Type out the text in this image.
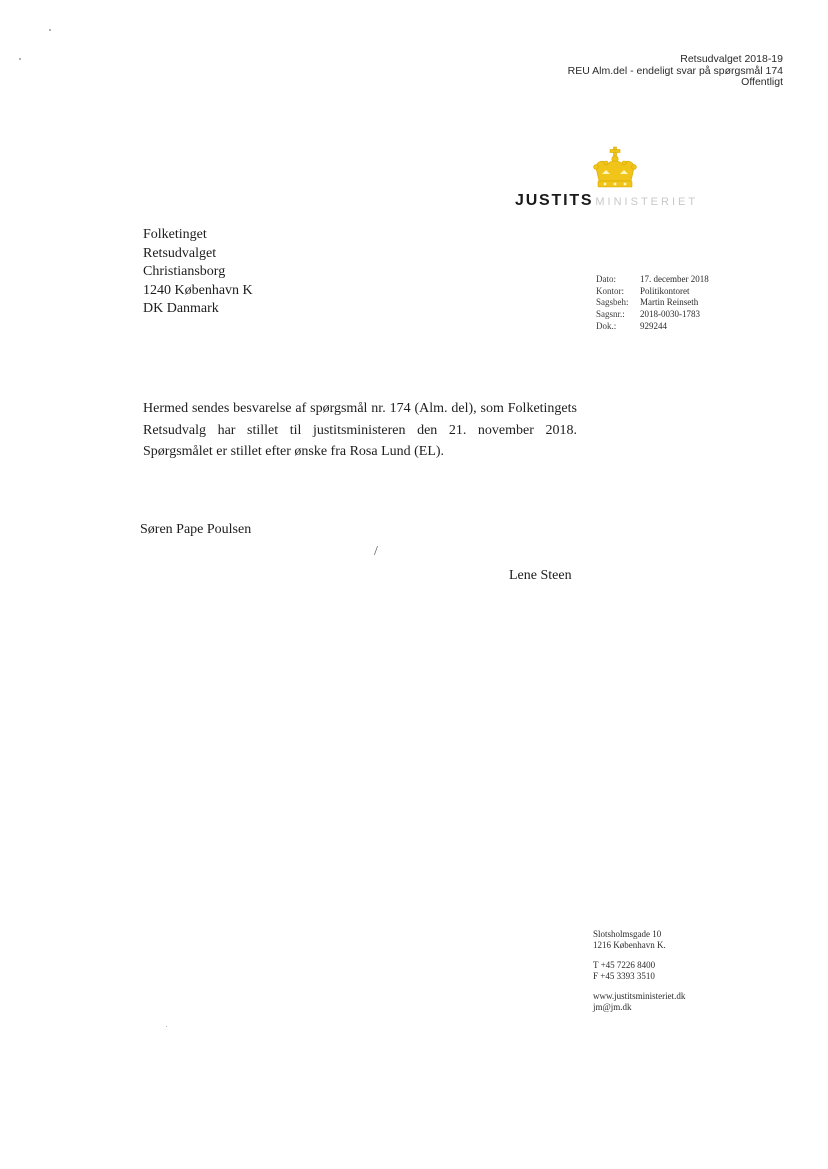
Retsudvalget 2018-19
REU Alm.del - endeligt svar på spørgsmål 174
Offentligt
JUSTITS MINISTERIET
Folketinget
Retsudvalget
Christiansborg
1240 København K
DK Danmark
Dato:	17. december 2018
Kontor:	Politikontoret
Sagsbeh:	Martin Reinseth
Sagsnr.:	2018-0030-1783
Dok.:	929244
Hermed sendes besvarelse af spørgsmål nr. 174 (Alm. del), som Folketingets Retsudvalg har stillet til justitsministeren den 21. november 2018. Spørgsmålet er stillet efter ønske fra Rosa Lund (EL).
Søren Pape Poulsen
/
Lene Steen
Slotsholmsgade 10
1216 København K.
T +45 7226 8400
F +45 3393 3510
www.justitsministeriet.dk
jm@jm.dk
